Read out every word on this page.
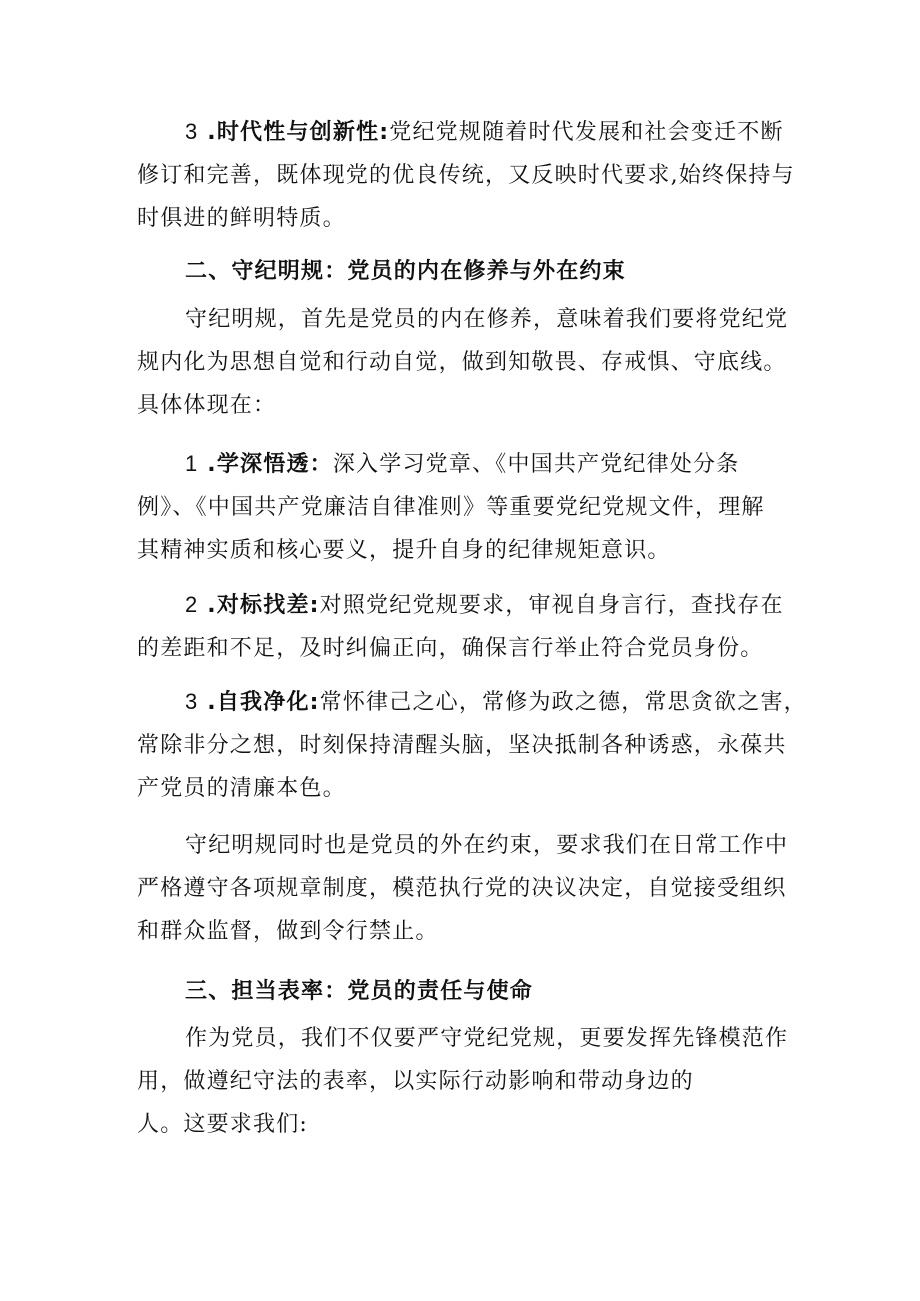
3 .时代性与创新性:党纪党规随着时代发展和社会变迁不断
修订和完善，既体现党的优良传统，又反映时代要求,始终保持与
时俱进的鲜明特质。

二、守纪明规：党员的内在修养与外在约束

守纪明规，首先是党员的内在修养，意味着我们要将党纪党
规内化为思想自觉和行动自觉，做到知敬畏、存戒惧、守底线。
具体体现在：

1 .学深悟透：深入学习党章、《中国共产党纪律处分条
例》、《中国共产党廉洁自律准则》等重要党纪党规文件，理解
其精神实质和核心要义，提升自身的纪律规矩意识。

2 .对标找差:对照党纪党规要求，审视自身言行，查找存在
的差距和不足，及时纠偏正向，确保言行举止符合党员身份。

3 .自我净化:常怀律己之心，常修为政之德，常思贪欲之害，
常除非分之想，时刻保持清醒头脑，坚决抵制各种诱惑，永葆共
产党员的清廉本色。

守纪明规同时也是党员的外在约束，要求我们在日常工作中
严格遵守各项规章制度，模范执行党的决议决定，自觉接受组织
和群众监督，做到令行禁止。

三、担当表率：党员的责任与使命

作为党员，我们不仅要严守党纪党规，更要发挥先锋模范作
用，做遵纪守法的表率，以实际行动影响和带动身边的
人。这要求我们:
